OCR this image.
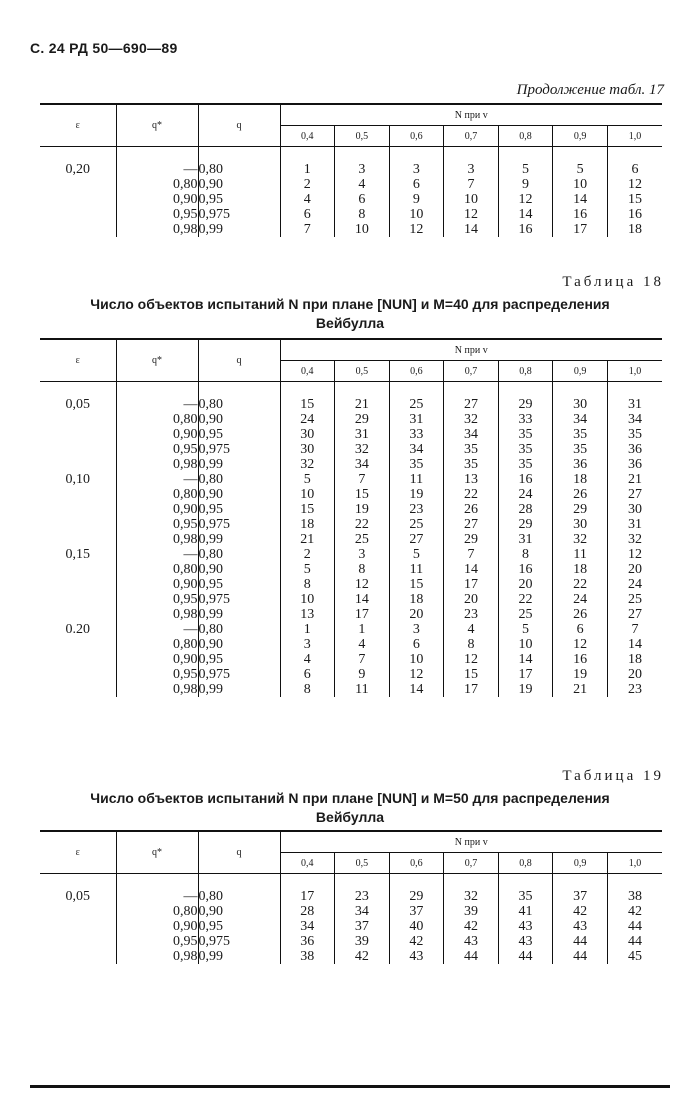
С. 24 РД 50—690—89
Продолжение табл. 17
ε	q*	q	N при v						
			0,4	0,5	0,6	0,7	0,8	0,9	1,0

0,20	—	0,80	1	3	3	3	5	5	6
	0,80	0,90	2	4	6	7	9	10	12
	0,90	0,95	4	6	9	10	12	14	15
	0,95	0,975	6	8	10	12	14	16	16
	0,98	0,99	7	10	12	14	16	17	18
Таблица 18
Число объектов испытаний N при плане [NUN] и M=40 для распределения
Вейбулла
ε	q*	q	N при v						
			0,4	0,5	0,6	0,7	0,8	0,9	1,0

0,05	—	0,80	15	21	25	27	29	30	31
	0,80	0,90	24	29	31	32	33	34	34
	0,90	0,95	30	31	33	34	35	35	35
	0,95	0,975	30	32	34	35	35	35	36
	0,98	0,99	32	34	35	35	35	36	36
0,10	—	0,80	5	7	11	13	16	18	21
	0,80	0,90	10	15	19	22	24	26	27
	0,90	0,95	15	19	23	26	28	29	30
	0,95	0,975	18	22	25	27	29	30	31
	0,98	0,99	21	25	27	29	31	32	32
0,15	—	0,80	2	3	5	7	8	11	12
	0,80	0,90	5	8	11	14	16	18	20
	0,90	0,95	8	12	15	17	20	22	24
	0,95	0,975	10	14	18	20	22	24	25
	0,98	0,99	13	17	20	23	25	26	27
0.20	—	0,80	1	1	3	4	5	6	7
	0,80	0,90	3	4	6	8	10	12	14
	0,90	0,95	4	7	10	12	14	16	18
	0,95	0,975	6	9	12	15	17	19	20
	0,98	0,99	8	11	14	17	19	21	23
Таблица 19
Число объектов испытаний N при плане [NUN] и M=50 для распределения
Вейбулла
ε	q*	q	N при v						
			0,4	0,5	0,6	0,7	0,8	0,9	1,0

0,05	—	0,80	17	23	29	32	35	37	38
	0,80	0,90	28	34	37	39	41	42	42
	0,90	0,95	34	37	40	42	43	43	44
	0,95	0,975	36	39	42	43	43	44	44
	0,98	0,99	38	42	43	44	44	44	45
